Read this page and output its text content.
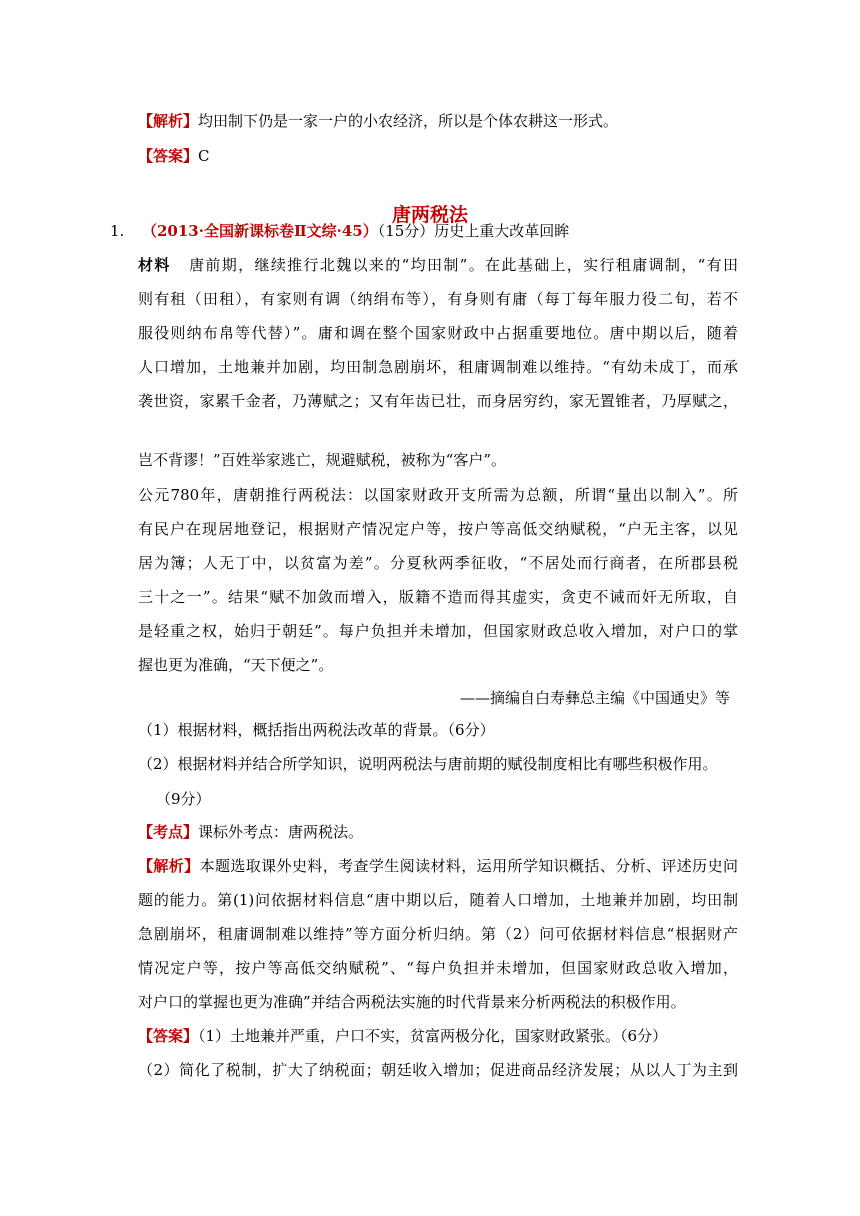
【解析】均田制下仍是一家一户的小农经济，所以是个体农耕这一形式。
【答案】C
唐两税法
1. （2013·全国新课标卷Ⅱ文综·45）（15分）历史上重大改革回眸
材料 唐前期，继续推行北魏以来的“均田制”。在此基础上，实行租庸调制，“有田
则有租（田租），有家则有调（纳绢布等），有身则有庸（每丁每年服力役二旬，若不
服役则纳布帛等代替）”。庸和调在整个国家财政中占据重要地位。唐中期以后，随着
人口增加，土地兼并加剧，均田制急剧崩坏，租庸调制难以维持。“有幼未成丁，而承
袭世资，家累千金者，乃薄赋之；又有年齿已壮，而身居穷约，家无置锥者，乃厚赋之，
岂不背谬！”百姓举家逃亡，规避赋税，被称为“客户”。
公元780年，唐朝推行两税法：以国家财政开支所需为总额，所谓“量出以制入”。所
有民户在现居地登记，根据财产情况定户等，按户等高低交纳赋税，“户无主客，以见
居为簿；人无丁中，以贫富为差”。分夏秋两季征收，“不居处而行商者，在所郡县税
三十之一”。结果“赋不加敛而增入，版籍不造而得其虚实，贪吏不诫而奸无所取，自
是轻重之权，始归于朝廷”。每户负担并未增加，但国家财政总收入增加，对户口的掌
握也更为准确，“天下便之”。
——摘编自白寿彝总主编《中国通史》等
（1）根据材料，概括指出两税法改革的背景。（6分）
（2）根据材料并结合所学知识，说明两税法与唐前期的赋役制度相比有哪些积极作用。
（9分）
【考点】课标外考点：唐两税法。
【解析】本题选取课外史料，考查学生阅读材料，运用所学知识概括、分析、评述历史问
题的能力。第(1)问依据材料信息“唐中期以后，随着人口增加，土地兼并加剧，均田制
急剧崩坏，租庸调制难以维持”等方面分析归纳。第（2）问可依据材料信息“根据财产
情况定户等，按户等高低交纳赋税”、“每户负担并未增加，但国家财政总收入增加，
对户口的掌握也更为准确”并结合两税法实施的时代背景来分析两税法的积极作用。
【答案】（1）土地兼并严重，户口不实，贫富两极分化，国家财政紧张。（6分）
（2）简化了税制，扩大了纳税面；朝廷收入增加；促进商品经济发展；从以人丁为主到
